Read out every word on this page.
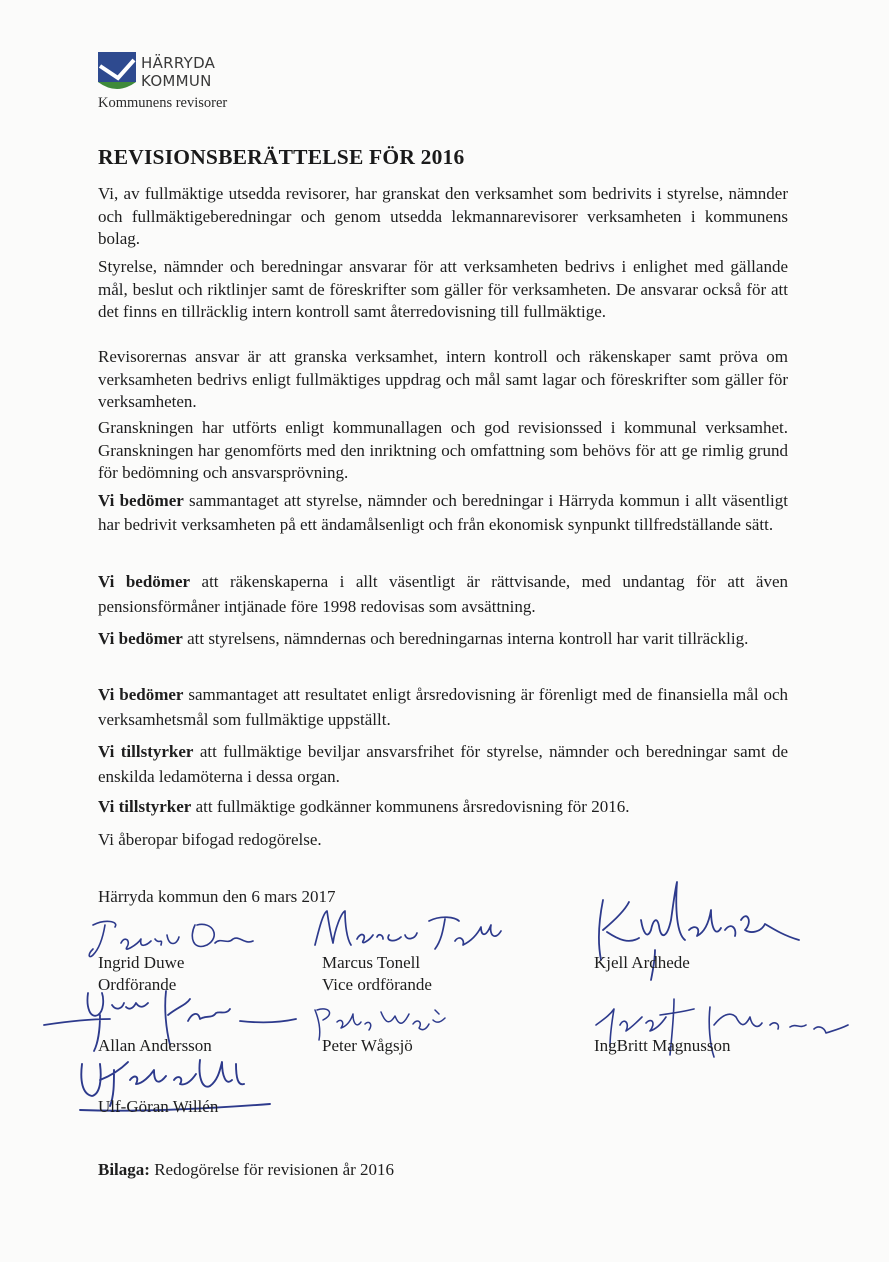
HÄRRYDA
KOMMUN
Kommunens revisorer
REVISIONSBERÄTTELSE FÖR 2016
Vi, av fullmäktige utsedda revisorer, har granskat den verksamhet som bedrivits i styrelse, nämnder och fullmäktigeberedningar och genom utsedda lekmannarevisorer verksamheten i kommunens bolag.
Styrelse, nämnder och beredningar ansvarar för att verksamheten bedrivs i enlighet med gällande mål, beslut och riktlinjer samt de föreskrifter som gäller för verksamheten. De ansvarar också för att det finns en tillräcklig intern kontroll samt återredovisning till fullmäktige.
Revisorernas ansvar är att granska verksamhet, intern kontroll och räkenskaper samt pröva om verksamheten bedrivs enligt fullmäktiges uppdrag och mål samt lagar och föreskrifter som gäller för verksamheten.
Granskningen har utförts enligt kommunallagen och god revisionssed i kommunal verksamhet. Granskningen har genomförts med den inriktning och omfattning som behövs för att ge rimlig grund för bedömning och ansvarsprövning.
Vi bedömer sammantaget att styrelse, nämnder och beredningar i Härryda kommun i allt väsentligt har bedrivit verksamheten på ett ändamålsenligt och från ekonomisk synpunkt tillfredställande sätt.
Vi bedömer att räkenskaperna i allt väsentligt är rättvisande, med undantag för att även pensionsförmåner intjänade före 1998 redovisas som avsättning.
Vi bedömer att styrelsens, nämndernas och beredningarnas interna kontroll har varit tillräcklig.
Vi bedömer sammantaget att resultatet enligt årsredovisning är förenligt med de finansiella mål och verksamhetsmål som fullmäktige uppställt.
Vi tillstyrker att fullmäktige beviljar ansvarsfrihet för styrelse, nämnder och beredningar samt de enskilda ledamöterna i dessa organ.
Vi tillstyrker att fullmäktige godkänner kommunens årsredovisning för 2016.
Vi åberopar bifogad redogörelse.
Härryda kommun den 6 mars 2017
Ingrid Duwe
Ordförande
Marcus Tonell
Vice ordförande
Kjell Ardhede
Allan Andersson	Peter Wågsjö	IngBritt Magnusson
Ulf-Göran Willén
Bilaga: Redogörelse för revisionen år 2016
